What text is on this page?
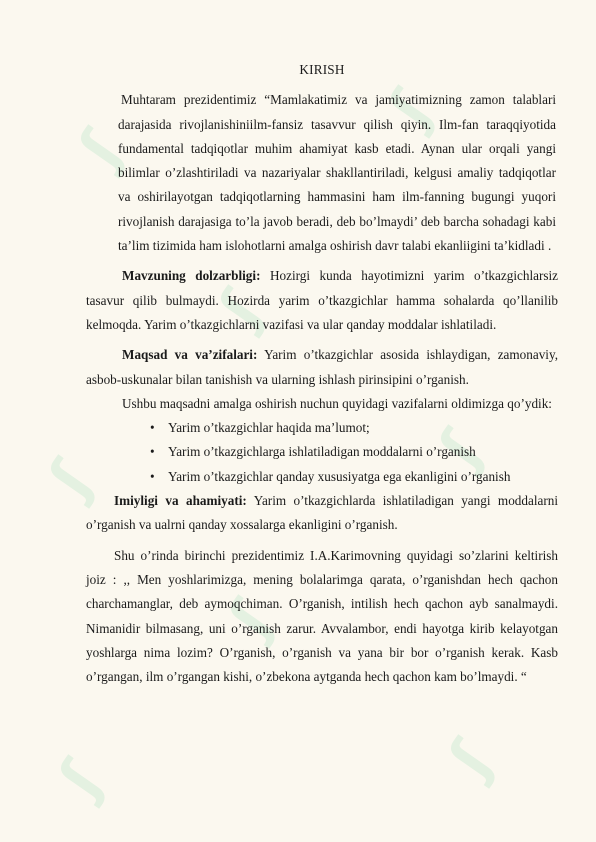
ʃ
ʃ
ʃ
ʃ
ʃ
ʃ
ʃ	ʃ
KIRISH

Muhtaram prezidentimiz “Mamlakatimiz va jamiyatimizning zamon talablari darajasida rivojlanishiniilm-fansiz tasavvur qilish qiyin. Ilm-fan taraqqiyotida fundamental tadqiqotlar muhim ahamiyat kasb etadi. Aynan ular orqali yangi bilimlar o’zlashtiriladi va nazariyalar shakllantiriladi, kelgusi amaliy tadqiqotlar va oshirilayotgan tadqiqotlarning hammasini ham ilm-fanning bugungi yuqori rivojlanish darajasiga to’la javob beradi, deb bo’lmaydi’ deb barcha sohadagi kabi ta’lim tizimida ham islohotlarni amalga oshirish davr talabi ekanliigini ta’kidladi .

Mavzuning dolzarbligi: Hozirgi kunda hayotimizni yarim o’tkazgichlarsiz tasavur qilib bulmaydi. Hozirda yarim o’tkazgichlar hamma sohalarda qo’llanilib kelmoqda. Yarim o’tkazgichlarni vazifasi va ular qanday moddalar ishlatiladi.

Maqsad va va’zifalari: Yarim o’tkazgichlar asosida ishlaydigan, zamonaviy, asbob-uskunalar bilan tanishish va ularning ishlash pirinsipini o’rganish.

Ushbu maqsadni amalga oshirish nuchun quyidagi vazifalarni oldimizga qo’ydik:

• Yarim o’tkazgichlar haqida ma’lumot;
• Yarim o’tkazgichlarga ishlatiladigan moddalarni o’rganish
• Yarim o’tkazgichlar qanday xususiyatga ega ekanligini o’rganish

Imiyligi va ahamiyati: Yarim o’tkazgichlarda ishlatiladigan yangi moddalarni o’rganish va ualrni qanday xossalarga ekanligini o’rganish.

Shu o’rinda birinchi prezidentimiz I.A.Karimovning quyidagi so’zlarini keltirish joiz : ,, Men yoshlarimizga, mening bolalarimga qarata, o’rganishdan hech qachon charchamanglar, deb aymoqchiman. O’rganish, intilish hech qachon ayb sanalmaydi. Nimanidir bilmasang, uni o’rganish zarur. Avvalambor, endi hayotga kirib kelayotgan yoshlarga nima lozim? O’rganish, o’rganish va yana bir bor o’rganish kerak. Kasb o’rgangan, ilm o’rgangan kishi, o’zbekona aytganda hech qachon kam bo’lmaydi. “
